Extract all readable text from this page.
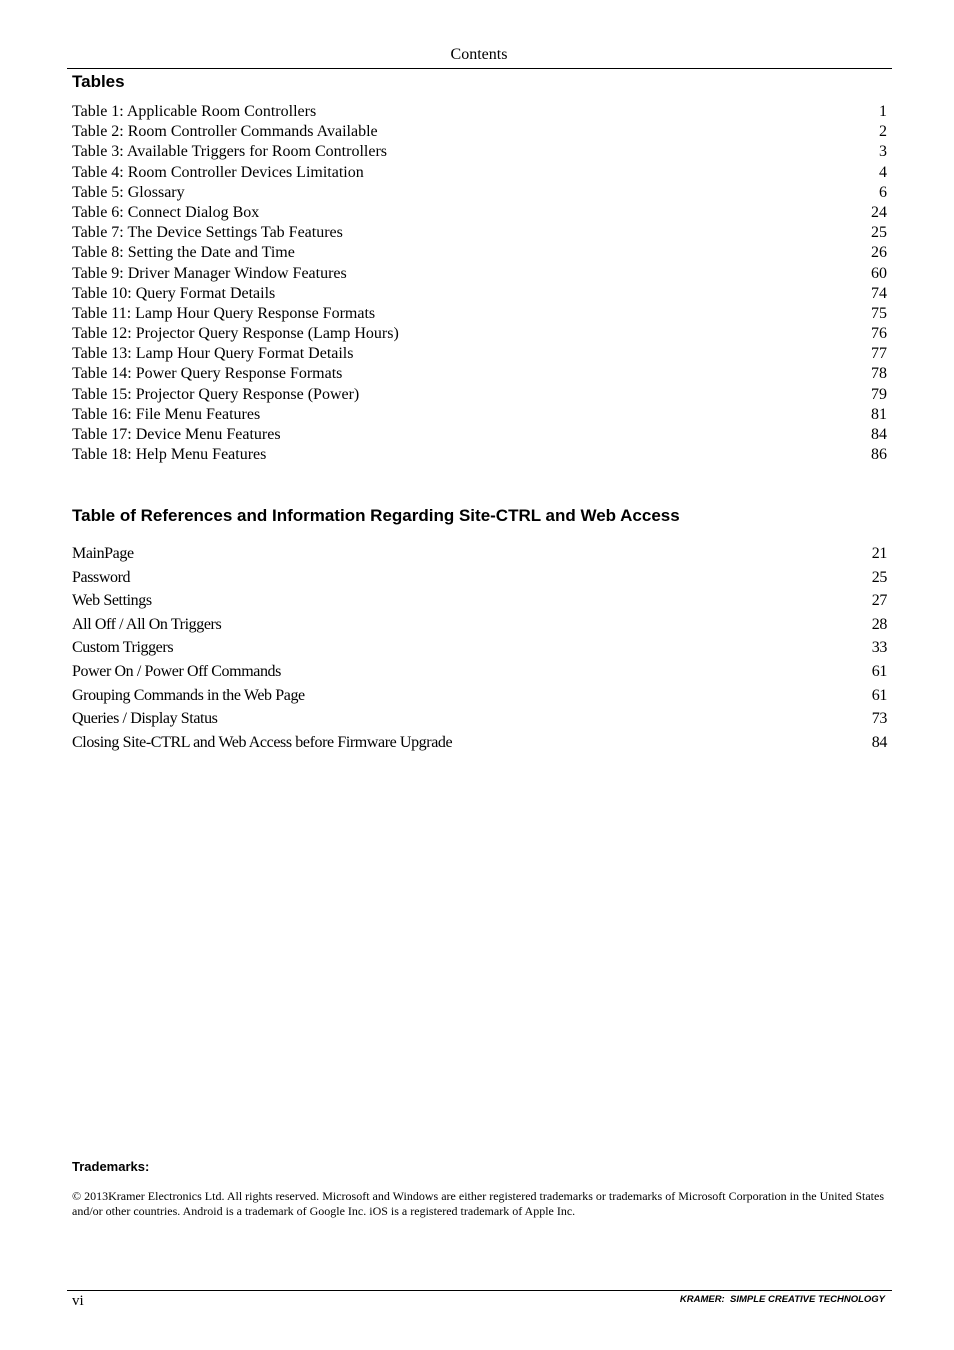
Contents
Tables
Table 1: Applicable Room Controllers	1
Table 2: Room Controller Commands Available	2
Table 3: Available Triggers for Room Controllers	3
Table 4: Room Controller Devices Limitation	4
Table 5: Glossary	6
Table 6: Connect Dialog Box	24
Table 7: The Device Settings Tab Features	25
Table 8: Setting the Date and Time	26
Table 9: Driver Manager Window Features	60
Table 10: Query Format Details	74
Table 11: Lamp Hour Query Response Formats	75
Table 12: Projector Query Response (Lamp Hours)	76
Table 13: Lamp Hour Query Format Details	77
Table 14: Power Query Response Formats	78
Table 15: Projector Query Response (Power)	79
Table 16: File Menu Features	81
Table 17: Device Menu Features	84
Table 18: Help Menu Features	86
Table of References and Information Regarding Site-CTRL and Web Access
MainPage	21
Password	25
Web Settings	27
All Off / All On Triggers	28
Custom Triggers	33
Power On / Power Off Commands	61
Grouping Commands in the Web Page	61
Queries / Display Status	73
Closing Site-CTRL and Web Access before Firmware Upgrade	84
Trademarks:

© 2013Kramer Electronics Ltd. All rights reserved. Microsoft and Windows are either registered trademarks or trademarks of Microsoft Corporation in the United States and/or other countries. Android is a trademark of Google Inc. iOS is a registered trademark of Apple Inc.

vi	KRAMER:  SIMPLE CREATIVE TECHNOLOGY
